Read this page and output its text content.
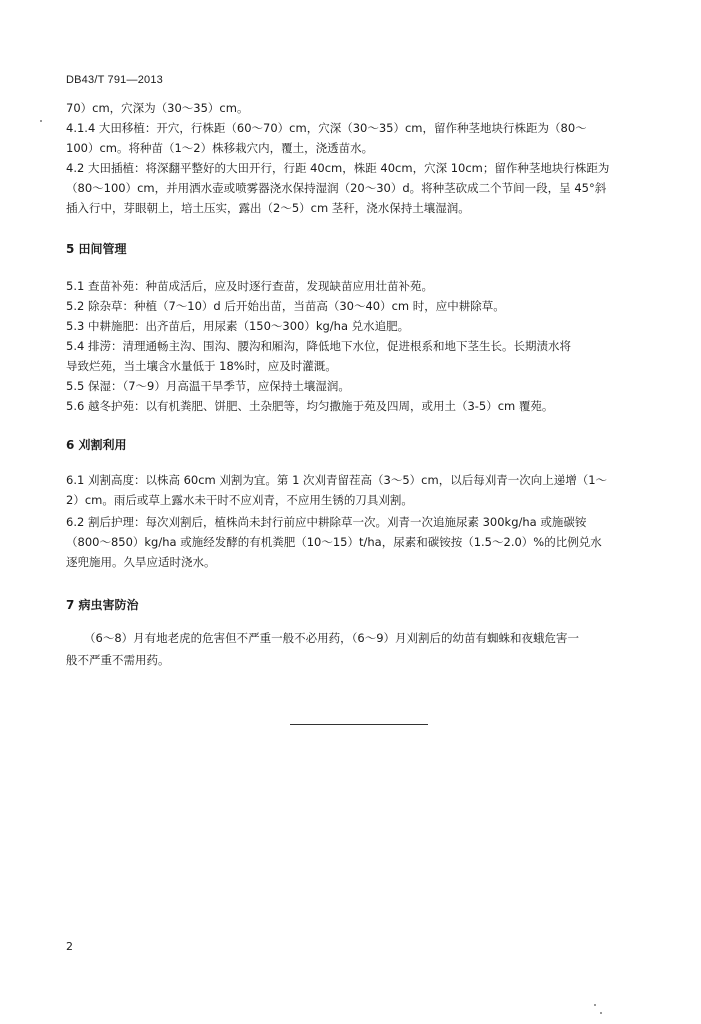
DB43/T 791—2013
70）cm，穴深为（30～35）cm。
4.1.4 大田移植：开穴，行株距（60～70）cm，穴深（30～35）cm，留作种茎地块行株距为（80～
100）cm。将种苗（1～2）株移栽穴内，覆土，浇透苗水。
4.2 大田插植：将深翻平整好的大田开行，行距 40cm，株距 40cm，穴深 10cm；留作种茎地块行株距为
（80～100）cm，并用洒水壶或喷雾器浇水保持湿润（20～30）d。将种茎砍成二个节间一段，呈 45°斜
插入行中，芽眼朝上，培土压实，露出（2～5）cm 茎秆，浇水保持土壤湿润。
5 田间管理
5.1 查苗补苑：种苗成活后，应及时逐行查苗，发现缺苗应用壮苗补苑。
5.2 除杂草：种植（7～10）d 后开始出苗，当苗高（30～40）cm 时，应中耕除草。
5.3 中耕施肥：出齐苗后，用尿素（150～300）kg/ha 兑水追肥。
5.4 排涝：清理通畅主沟、围沟、腰沟和厢沟，降低地下水位，促进根系和地下茎生长。长期渍水将
导致烂苑，当土壤含水量低于 18%时，应及时灌溉。
5.5 保湿：（7～9）月高温干旱季节，应保持土壤湿润。
5.6 越冬护苑：以有机粪肥、饼肥、土杂肥等，均匀撒施于苑及四周，或用土（3-5）cm 覆苑。
6 刈割利用
6.1 刈割高度：以株高 60cm 刈割为宜。第 1 次刈青留茬高（3～5）cm，以后每刈青一次向上递增（1～
2）cm。雨后或草上露水未干时不应刈青，不应用生锈的刀具刈割。
6.2 割后护理：每次刈割后，植株尚未封行前应中耕除草一次。刈青一次追施尿素 300kg/ha 或施碳铵
（800～850）kg/ha 或施经发酵的有机粪肥（10～15）t/ha，尿素和碳铵按（1.5～2.0）%的比例兑水
逐兜施用。久旱应适时浇水。
7 病虫害防治
（6～8）月有地老虎的危害但不严重一般不必用药，（6～9）月刈割后的幼苗有蜘蛛和夜蛾危害一
般不严重不需用药。
2
